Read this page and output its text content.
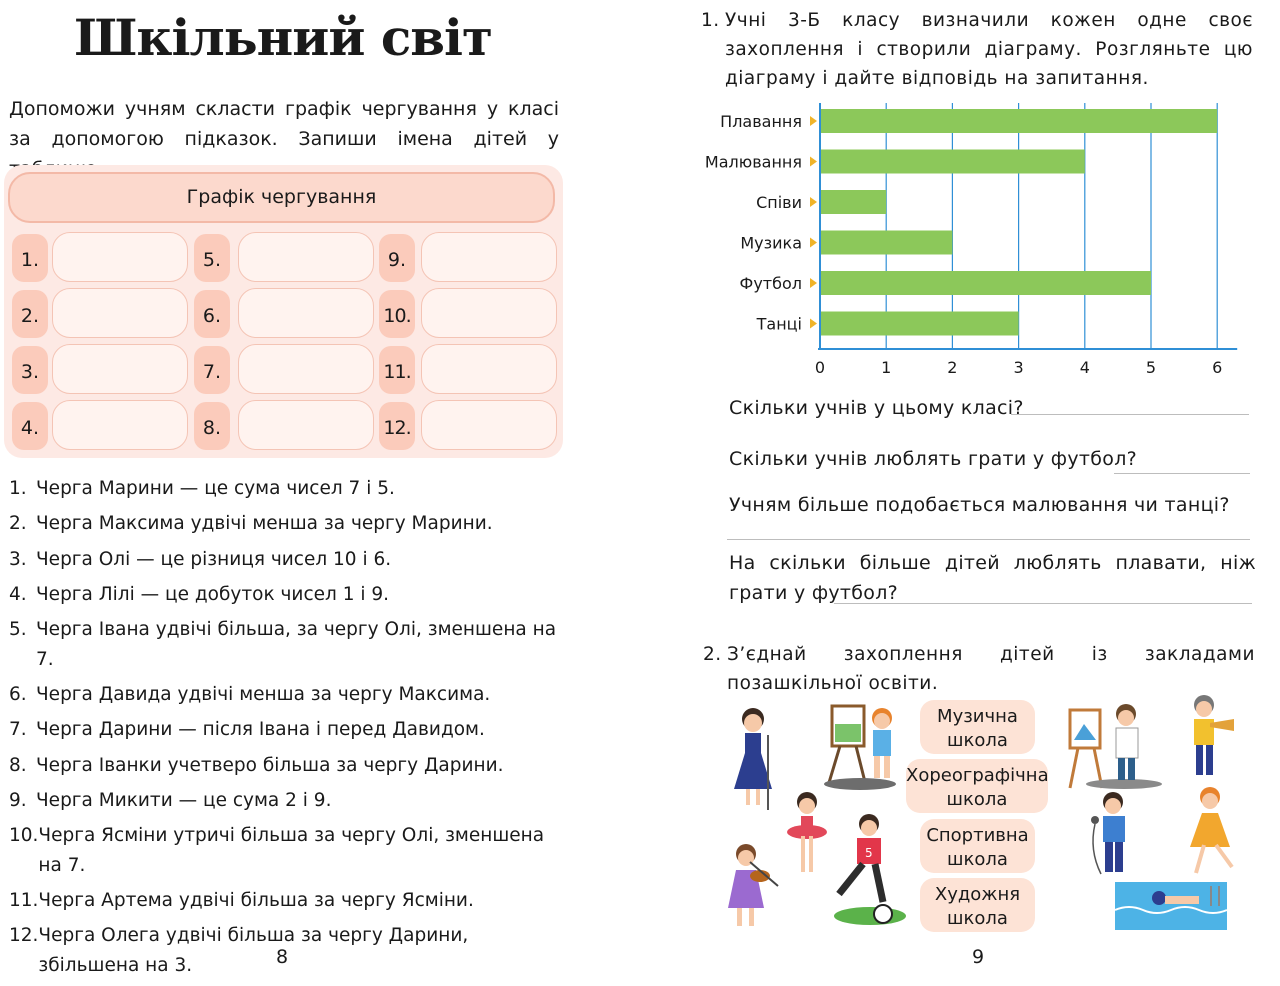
Шкільний світ
Допоможи учням скласти графік чергування у класі за допомогою підказок. Запиши імена дітей у
Графік чергування
1.
2.
3.
4.
5.
6.
7.
8.
9.
10.
11.
12.
1. Черга Марини — це сума чисел 7 і 5.
2. Черга Максима удвічі менша за чергу Марини.
3. Черга Олі — це різниця чисел 10 і 6.
4. Черга Лілі — це добуток чисел 1 і 9.
5. Черга Івана удвічі більша, за чергу Олі, зменшена на 7.
6. Черга Давида удвічі менша за чергу Максима.
7. Черга Дарини — після Івана і перед Давидом.
8. Черга Іванки учетверо більша за чергу Дарини.
9. Черга Микити — це сума 2 і 9.
10. Черга Ясміни утричі більша за чергу Олі, зменшена на 7.
11. Черга Артема удвічі більша за чергу Ясміни.
12. Черга Олега удвічі більша за чергу Дарини, збільшена на 3.	8
1. Учні 3-Б класу визначили кожен одне своє захоплення і створили діаграму. Розгляньте цю діаграму і дайте відповідь на запитання.
Плавання
Малювання
Співи
Музика
Футбол
Танці
0	1	2	3	4	5	6
Скільки учнів у цьому класі?
Скільки учнів люблять грати у футбол?
Учням більше подобається малювання чи танці?
На скільки більше дітей люблять плавати, ніж грати у футбол?
2. З’єднай захоплення дітей із закладами позашкільної освіти.
Музична
школа
Хореографічна
школа
Спортивна
школа
Художня
школа
5
9
